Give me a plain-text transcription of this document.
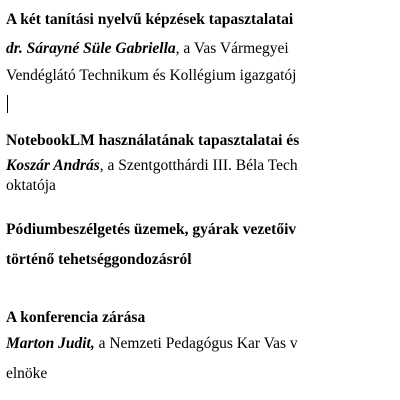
A két tanítási nyelvű képzések tapasztalatai
dr. Sárayné Süle Gabriella, a Vas Vármegyei
Vendéglátó Technikum és Kollégium igazgatój
NotebookLM használatának tapasztalatai és
Koszár András, a Szentgotthárdi III. Béla Tech
oktatója
Pódiumbeszélgetés üzemek, gyárak vezetőiv
történő tehetséggondozásról
A konferencia zárása
Marton Judit, a Nemzeti Pedagógus Kar Vas v
elnöke
